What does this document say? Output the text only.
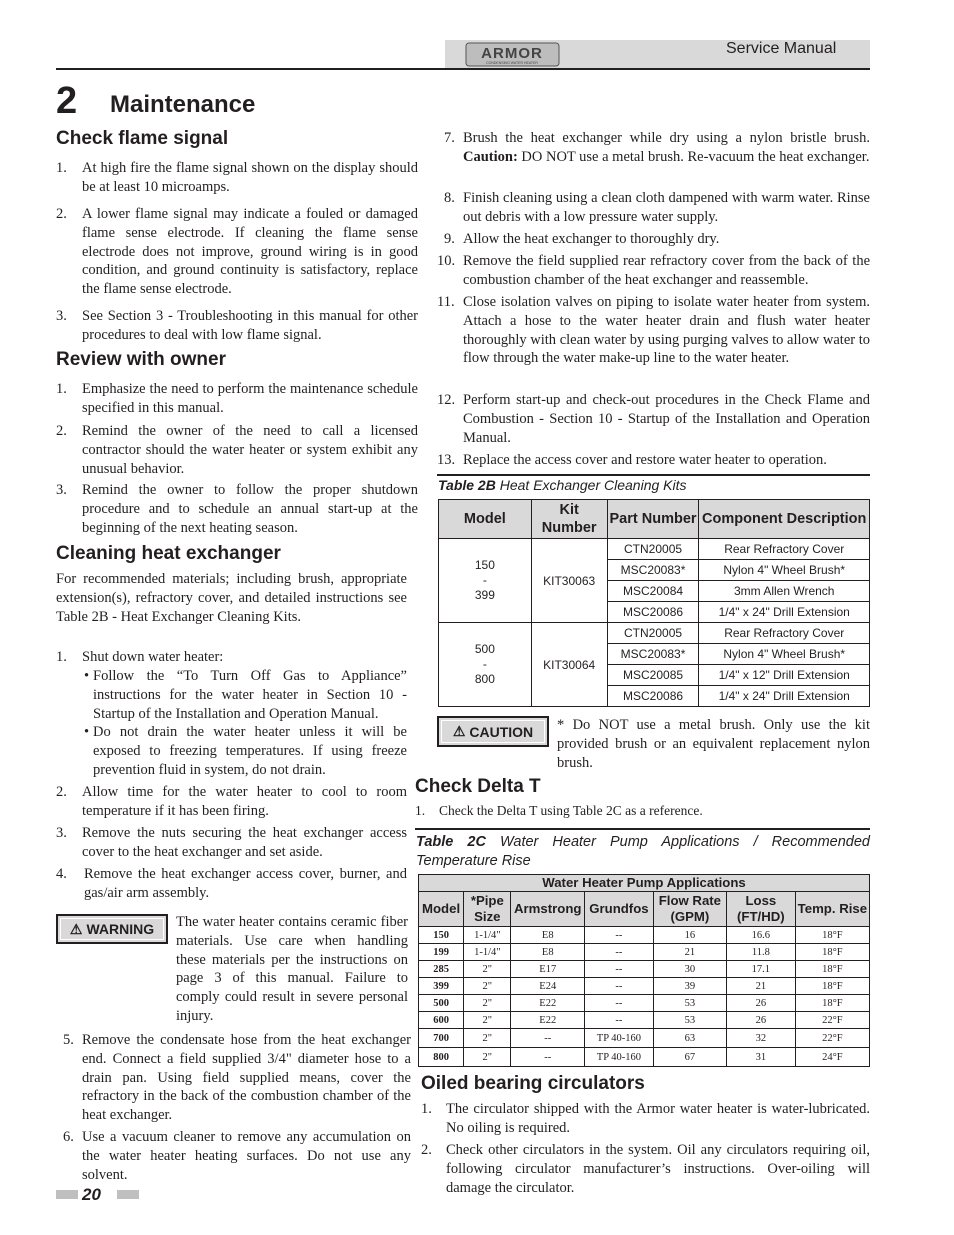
ARMOR
CONDENSING WATER HEATER
Service Manual
2 Maintenance
Check flame signal
1. At high fire the flame signal shown on the display should be at least 10 microamps.
2. A lower flame signal may indicate a fouled or damaged flame sense electrode. If cleaning the flame sense electrode does not improve, ground wiring is in good condition, and ground continuity is satisfactory, replace the flame sense electrode.
3. See Section 3 - Troubleshooting in this manual for other procedures to deal with low flame signal.
Review with owner
1. Emphasize the need to perform the maintenance schedule specified in this manual.
2. Remind the owner of the need to call a licensed contractor should the water heater or system exhibit any unusual behavior.
3. Remind the owner to follow the proper shutdown procedure and to schedule an annual start-up at the beginning of the next heating season.
Cleaning heat exchanger
For recommended materials; including brush, appropriate extension(s), refractory cover, and detailed instructions see Table 2B - Heat Exchanger Cleaning Kits.
1. Shut down water heater:
• Follow the “To Turn Off Gas to Appliance” instructions for the water heater in Section 10 - Startup of the Installation and Operation Manual.
• Do not drain the water heater unless it will be exposed to freezing temperatures. If using freeze prevention fluid in system, do not drain.
2. Allow time for the water heater to cool to room temperature if it has been firing.
3. Remove the nuts securing the heat exchanger access cover to the heat exchanger and set aside.
4. Remove the heat exchanger access cover, burner, and gas/air arm assembly.
⚠ WARNING The water heater contains ceramic fiber materials. Use care when handling these materials per the instructions on page 3 of this manual. Failure to comply could result in severe personal injury.
5. Remove the condensate hose from the heat exchanger end. Connect a field supplied 3/4" diameter hose to a drain pan. Using field supplied means, cover the refractory in the back of the combustion chamber of the heat exchanger.
6. Use a vacuum cleaner to remove any accumulation on the water heater heating surfaces. Do not use any solvent.
7. Brush the heat exchanger while dry using a nylon bristle brush. Caution: DO NOT use a metal brush. Re-vacuum the heat exchanger.
8. Finish cleaning using a clean cloth dampened with warm water. Rinse out debris with a low pressure water supply.
9. Allow the heat exchanger to thoroughly dry.
10. Remove the field supplied rear refractory cover from the back of the combustion chamber of the heat exchanger and reassemble.
11. Close isolation valves on piping to isolate water heater from system. Attach a hose to the water heater drain and flush water heater thoroughly with clean water by using purging valves to allow water to flow through the water make-up line to the water heater.
12. Perform start-up and check-out procedures in the Check Flame and Combustion - Section 10 - Startup of the Installation and Operation Manual.
13. Replace the access cover and restore water heater to operation.
Table 2B Heat Exchanger Cleaning Kits
Model	Kit Number	Part Number	Component Description
150
-
399	KIT30063	CTN20005	Rear Refractory Cover
		MSC20083*	Nylon 4" Wheel Brush*
		MSC20084	3mm Allen Wrench
		MSC20086	1/4" x 24" Drill Extension
500
-
800	KIT30064	CTN20005	Rear Refractory Cover
		MSC20083*	Nylon 4" Wheel Brush*
		MSC20085	1/4" x 12" Drill Extension
		MSC20086	1/4" x 24" Drill Extension
⚠ CAUTION * Do NOT use a metal brush. Only use the kit provided brush or an equivalent replacement nylon brush.
Check Delta T
1. Check the Delta T using Table 2C as a reference.
Table 2C Water Heater Pump Applications / Recommended Temperature Rise
Water Heater Pump Applications						
Model	*Pipe Size	Armstrong	Grundfos	Flow Rate (GPM)	Loss (FT/HD)	Temp. Rise
150	1-1/4"	E8	--	16	16.6	18°F
199	1-1/4"	E8	--	21	11.8	18°F
285	2"	E17	--	30	17.1	18°F
399	2"	E24	--	39	21	18°F
500	2"	E22	--	53	26	18°F
600	2"	E22	--	53	26	22°F
700	2"	--	TP 40-160	63	32	22°F
800	2"	--	TP 40-160	67	31	24°F
Oiled bearing circulators
1. The circulator shipped with the Armor water heater is water-lubricated. No oiling is required.
2. Check other circulators in the system. Oil any circulators requiring oil, following circulator manufacturer’s instructions. Over-oiling will damage the circulator.
20
